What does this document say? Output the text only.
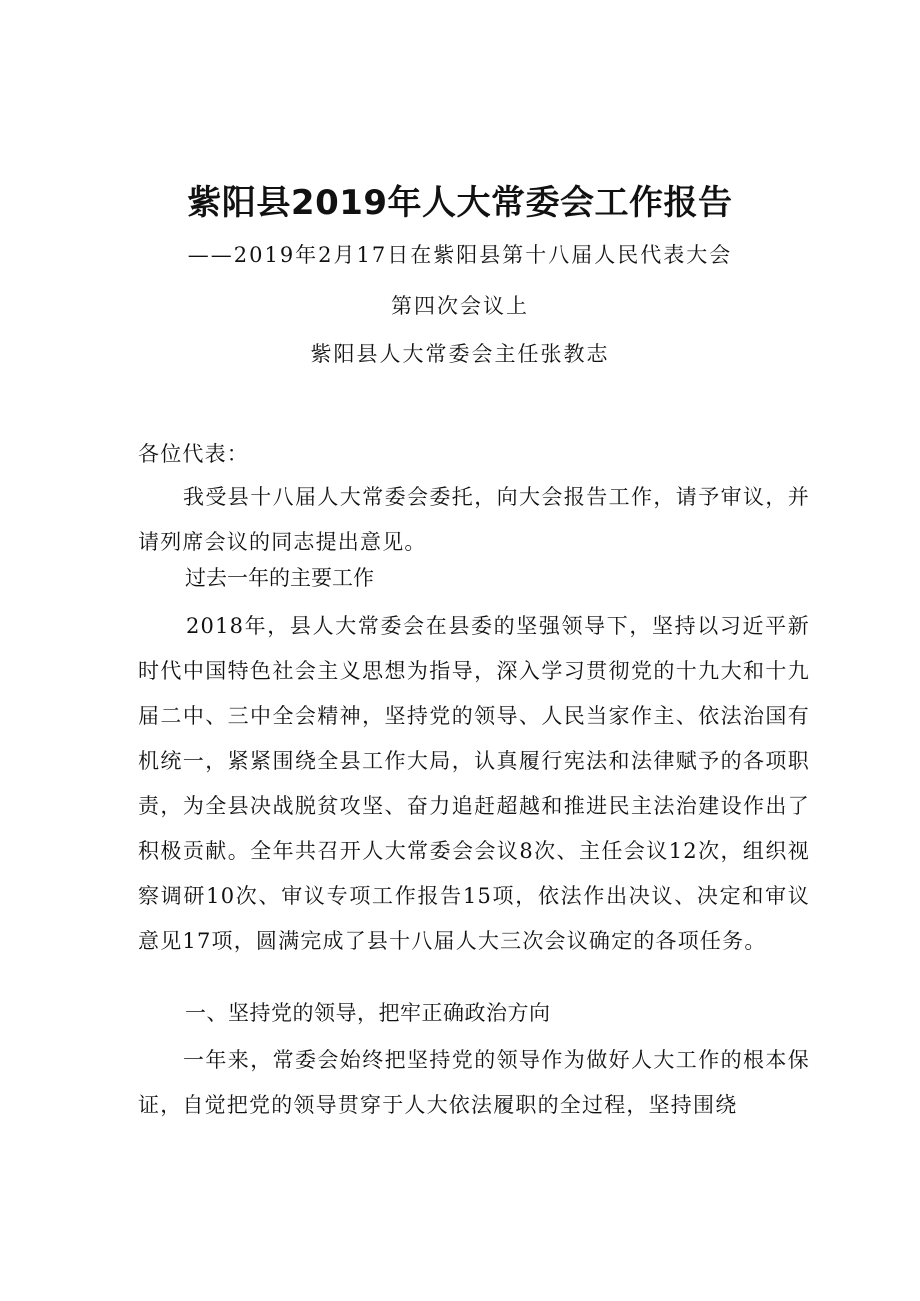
紫阳县2019年人大常委会工作报告
——2019年2月17日在紫阳县第十八届人民代表大会
第四次会议上
紫阳县人大常委会主任张教志
各位代表：
我受县十八届人大常委会委托，向大会报告工作，请予审议，并请列席会议的同志提出意见。
过去一年的主要工作
2018年，县人大常委会在县委的坚强领导下，坚持以习近平新时代中国特色社会主义思想为指导，深入学习贯彻党的十九大和十九届二中、三中全会精神，坚持党的领导、人民当家作主、依法治国有机统一，紧紧围绕全县工作大局，认真履行宪法和法律赋予的各项职责，为全县决战脱贫攻坚、奋力追赶超越和推进民主法治建设作出了积极贡献。全年共召开人大常委会会议8次、主任会议12次，组织视察调研10次、审议专项工作报告15项，依法作出决议、决定和审议意见17项，圆满完成了县十八届人大三次会议确定的各项任务。
一、坚持党的领导，把牢正确政治方向
一年来，常委会始终把坚持党的领导作为做好人大工作的根本保证，自觉把党的领导贯穿于人大依法履职的全过程，坚持围绕
